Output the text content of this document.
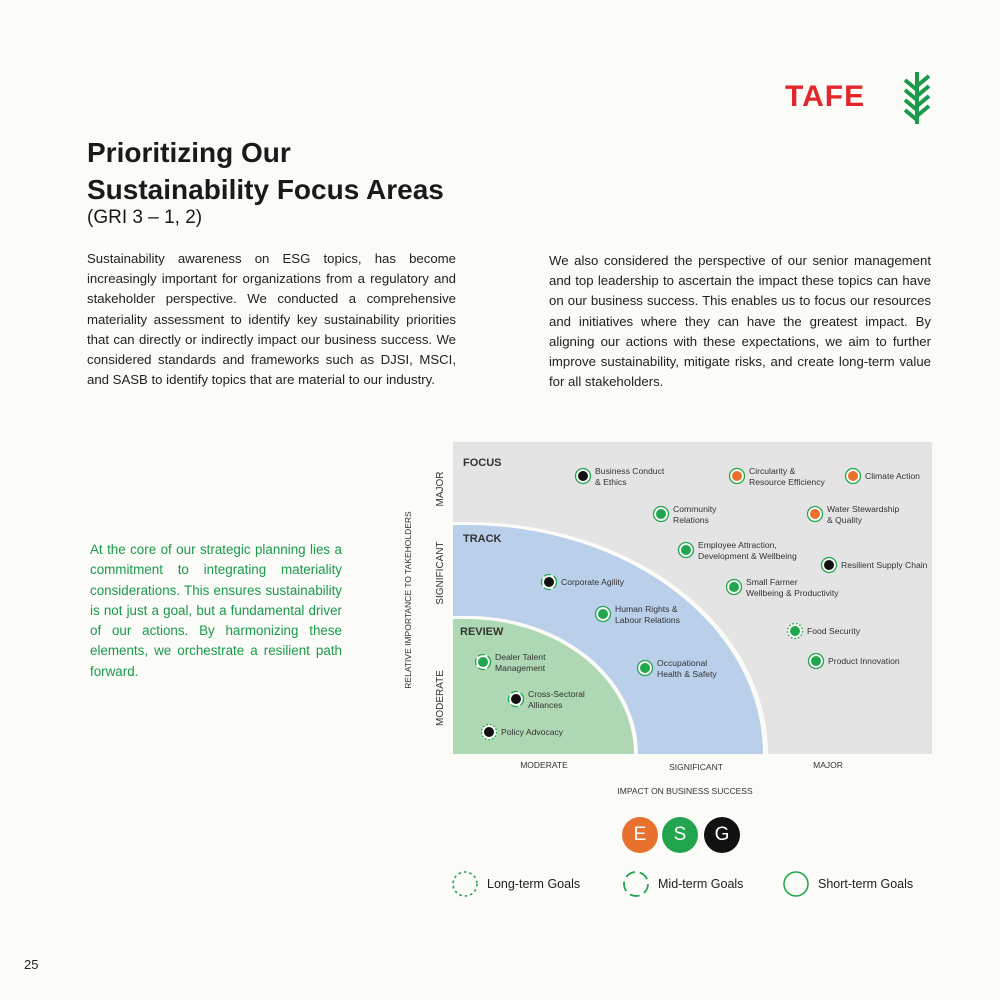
TAFE
Prioritizing Our
Sustainability Focus Areas
(GRI 3 – 1, 2)
Sustainability awareness on ESG topics, has become increasingly important for organizations from a regulatory and stakeholder perspective. We conducted a comprehensive materiality assessment to identify key sustainability priorities that can directly or indirectly impact our business success. We considered standards and frameworks such as DJSI, MSCI, and SASB to identify topics that are material to our industry.
We also considered the perspective of our senior management and top leadership to ascertain the impact these topics can have on our business success. This enables us to focus our resources and initiatives where they can have the greatest impact. By aligning our actions with these expectations, we aim to further improve sustainability, mitigate risks, and create long-term value for all stakeholders.
At the core of our strategic planning lies a commitment to integrating materiality considerations. This ensures sustainability is not just a goal, but a fundamental driver of our actions. By harmonizing these elements, we orchestrate a resilient path forward.
FOCUS
TRACK
REVIEW
RELATIVE IMPORTANCE TO TAKEHOLDERS
MODERATE
SIGNIFICANT
MAJOR
MODERATE	SIGNIFICANT	MAJOR
IMPACT ON BUSINESS SUCCESS
Business Conduct
& Ethics
Circularity &
Resource Efficiency
Climate Action
Community
Relations
Water Stewardship
& Quality
Employee Attraction,
Development & Wellbeing
Resilient Supply Chain
Corporate Agility	Small Farmer
Wellbeing & Productivity
Human Rights &
Labour Relations
Food Security
Dealer Talent
Management	Occupational
Health & Safety
Product Innovation
Cross-Sectoral
Alliances
Policy Advocacy
E	S	G
Long-term Goals	Mid-term Goals	Short-term Goals
25
